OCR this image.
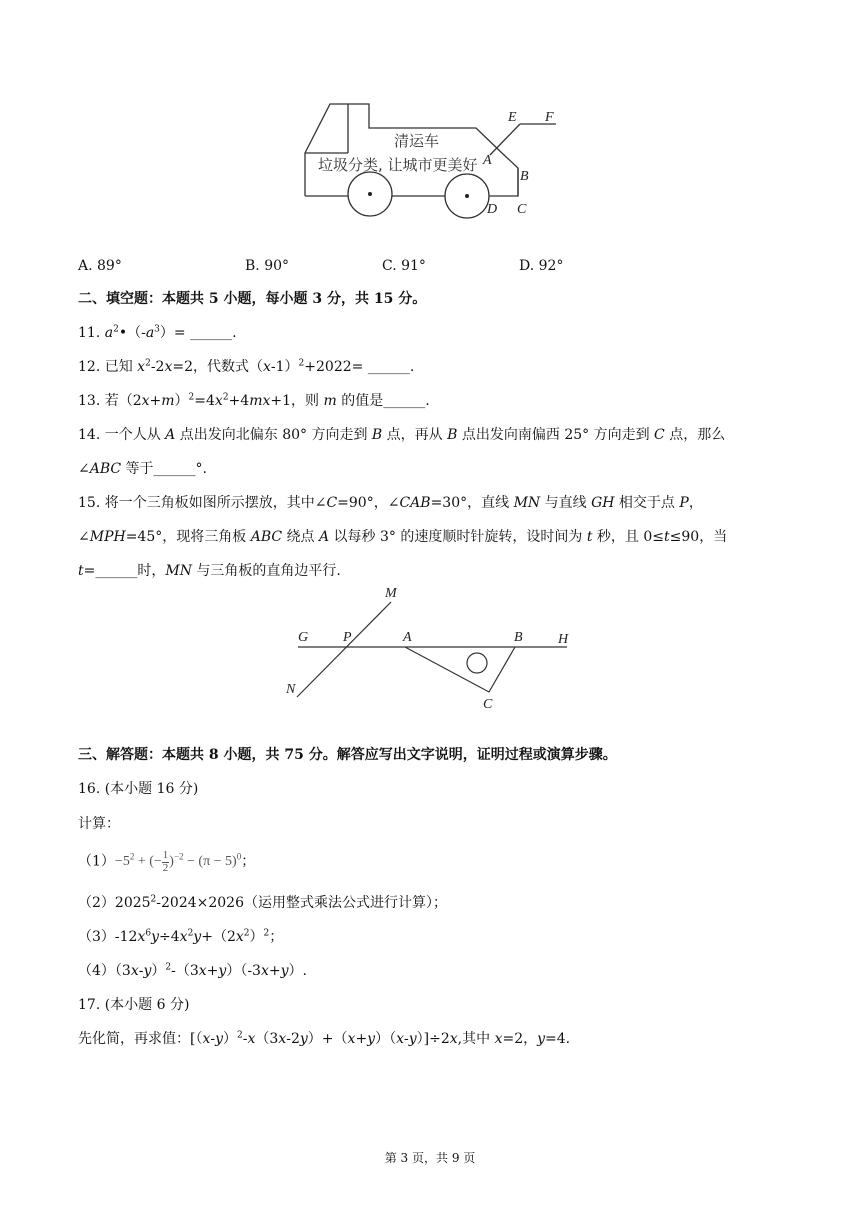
清运车
垃圾分类, 让城市更美好
E F
A
B
D C
A. 89°	B. 90°	C. 91°	D. 92°
二、填空题：本题共 5 小题，每小题 3 分，共 15 分。
11. $a^2•(-a^3)=$ ______.
12. 已知 $x^2-2x=2$，代数式$(x-1)^2+2022=$ ______.
13. 若$(2x+m)^2=4x^2+4mx+1$，则 m 的值是______.
14. 一个人从 A 点出发向北偏东 80° 方向走到 B 点，再从 B 点出发向南偏西 25° 方向走到 C 点，那么
∠ABC 等于______°.
15. 将一个三角板如图所示摆放，其中∠C=90°，∠CAB=30°，直线 MN 与直线 GH 相交于点 P，
∠MPH=45°，现将三角板 ABC 绕点 A 以每秒 3° 的速度顺时针旋转，设时间为 t 秒，且 0≤t≤90，当
t=______时，MN 与三角板的直角边平行.
M
N
G P	A	B	H
C
三、解答题：本题共 8 小题，共 75 分。解答应写出文字说明，证明过程或演算步骤。
16. (本小题 16 分)
计算：
$(1)-5^2$ + (− $\frac{1}{2} )^{-2} - (\pi - 5)^0$；
$(2)2025^2-2024\times 2026$（运用整式乘法公式进行计算）；
$(3)-12x^6y\div 4x^2y+(2x^2)^2$；
$(4)(3x-y)^2-(3x+y)(-3x+y)$.
17. (本小题 6 分)
先化简，再求值：$[(x-y)^2-x(3x-2y)+(x+y)(x-y)]\div 2x$,其中 x=2，y=4.
第 3 页，共 9 页
